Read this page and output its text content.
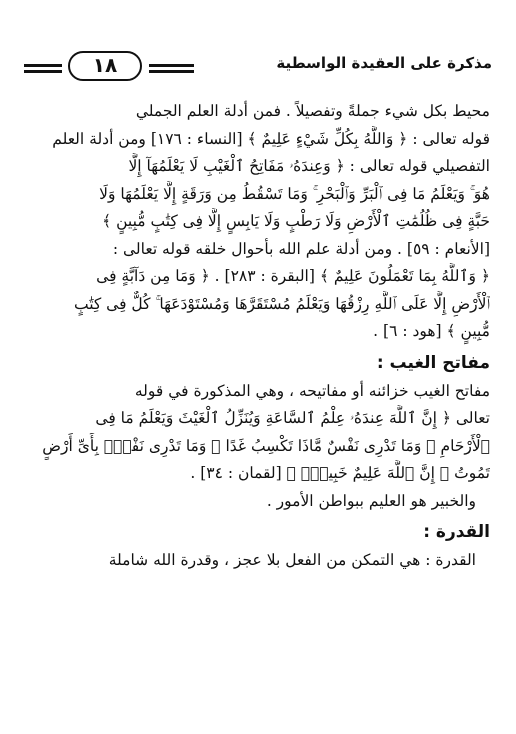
مذكرة على العقيدة الواسطية
١٨

محيط بكل شيء جملةً وتفصيلاً . فمن أدلة العلم الجملي
قوله تعالى : ﴿ وَاللَّهُ بِكُلِّ شَيْءٍ عَلِيمٌ ﴾ [النساء : ١٧٦] ومن أدلة العلم
التفصيلي قوله تعالى : ﴿ وَعِندَهُۥ مَفَاتِحُ ٱلْغَيْبِ لَا يَعْلَمُهَآ إِلَّا
هُوَ ۚ وَيَعْلَمُ مَا فِى ٱلْبَرِّ وَٱلْبَحْرِ ۚ وَمَا تَسْقُطُ مِن وَرَقَةٍ إِلَّا يَعْلَمُهَا وَلَا
حَبَّةٍ فِى ظُلُمَٰتِ ٱلْأَرْضِ وَلَا رَطْبٍ وَلَا يَابِسٍ إِلَّا فِى كِتَٰبٍ مُّبِينٍ ﴾
[الأنعام : ٥٩] . ومن أدلة علم الله بأحوال خلقه قوله تعالى :
﴿ وَٱللَّهُ بِمَا تَعْمَلُونَ عَلِيمٌ ﴾ [البقرة : ٢٨٣] . ﴿ وَمَا مِن دَآبَّةٍ فِى
ٱلْأَرْضِ إِلَّا عَلَى ٱللَّهِ رِزْقُهَا وَيَعْلَمُ مُسْتَقَرَّهَا وَمُسْتَوْدَعَهَا ۚ كُلٌّ فِى كِتَٰبٍ
مُّبِينٍ ﴾ [هود : ٦] .

مفاتح الغيب :

مفاتح الغيب خزائنه أو مفاتيحه ، وهي المذكورة في قوله
تعالى ﴿ إِنَّ ٱللَّهَ عِندَهُۥ عِلْمُ ٱلسَّاعَةِ وَيُنَزِّلُ ٱلْغَيْثَ وَيَعْلَمُ مَا فِى
ٱلْأَرْحَامِ ۖ وَمَا تَدْرِى نَفْسٌ مَّاذَا تَكْسِبُ غَدًا ۖ وَمَا تَدْرِى نَفْسٌۢ بِأَىِّ أَرْضٍ
تَمُوتُ ۚ إِنَّ ٱللَّهَ عَلِيمٌ خَبِيرٌۢ ﴾ [لقمان : ٣٤] .

والخبير هو العليم ببواطن الأمور .

القدرة :

القدرة : هي التمكن من الفعل بلا عجز ، وقدرة الله شاملة
